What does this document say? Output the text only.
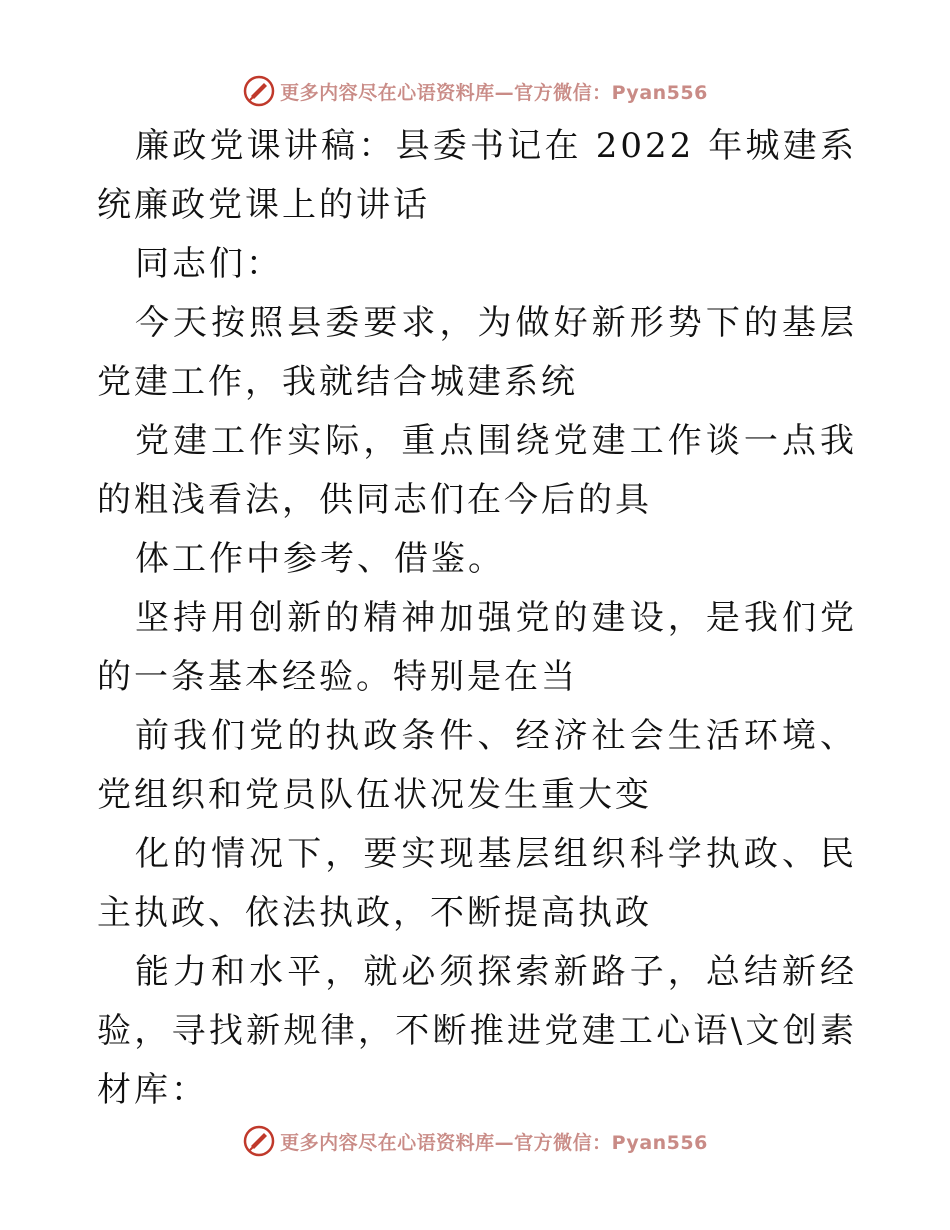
更多内容尽在心语资料库—官方微信：Pyan556

廉政党课讲稿：县委书记在 2022 年城建系统廉政党课上的讲话

同志们：

今天按照县委要求，为做好新形势下的基层党建工作，我就结合城建系统

党建工作实际，重点围绕党建工作谈一点我的粗浅看法，供同志们在今后的具

体工作中参考、借鉴。

坚持用创新的精神加强党的建设，是我们党的一条基本经验。特别是在当

前我们党的执政条件、经济社会生活环境、党组织和党员队伍状况发生重大变

化的情况下，要实现基层组织科学执政、民主执政、依法执政，不断提高执政

能力和水平，就必须探索新路子，总结新经验，寻找新规律，不断推进党建工心语\文创素材库：

更多内容尽在心语资料库—官方微信：Pyan556
